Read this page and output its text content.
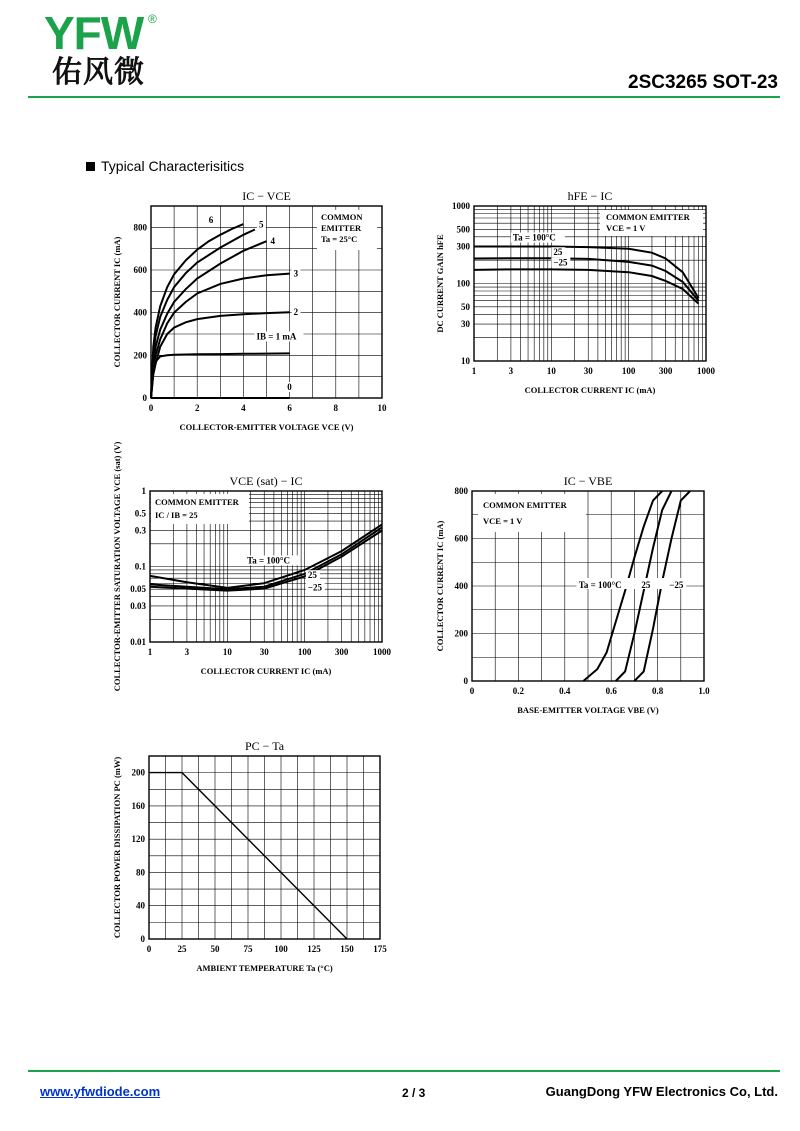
YFW ®
佑风微	2SC3265 SOT-23
Typical Characterisitics
0	2	4	6	8	10
0
200
400
600
800
IC − VCE
COLLECTOR-EMITTER VOLTAGE VCE (V)
COLLECTOR CURRENT IC (mA)
COMMON
EMITTER
Ta = 25°C
6	5
4
3
2
IB = 1 mA
0
1	3	10	30	100	300	1000
10
30
50
100
300
500
1000
hFE − IC
COLLECTOR CURRENT IC (mA)
DC CURRENT GAIN hFE
COMMON EMITTER
VCE = 1 V
Ta = 100°C
25
−25
1	3	10	30	100	300	1000
0.01
0.03
0.05
0.1
0.3
0.5
1
VCE (sat) − IC
COLLECTOR CURRENT IC (mA)
COLLECTOR-EMITTER SATURATION VOLTAGE VCE (sat) (V)	COMMON EMITTER
IC / IB = 25
Ta = 100°C
25
−25
0	0.2	0.4	0.6	0.8	1.0
0
200
400
600
800
IC − VBE
BASE-EMITTER VOLTAGE VBE (V)
COLLECTOR CURRENT IC (mA)
COMMON EMITTER
VCE = 1 V
Ta = 100°C 25 −25
0	25	50	75 100 125 150 175
0
40
80
120
160
200
PC − Ta
AMBIENT TEMPERATURE Ta (°C)
COLLECTOR POWER DISSIPATION PC (mW)
www.yfwdiode.com	2 / 3	GuangDong YFW Electronics Co, Ltd.
